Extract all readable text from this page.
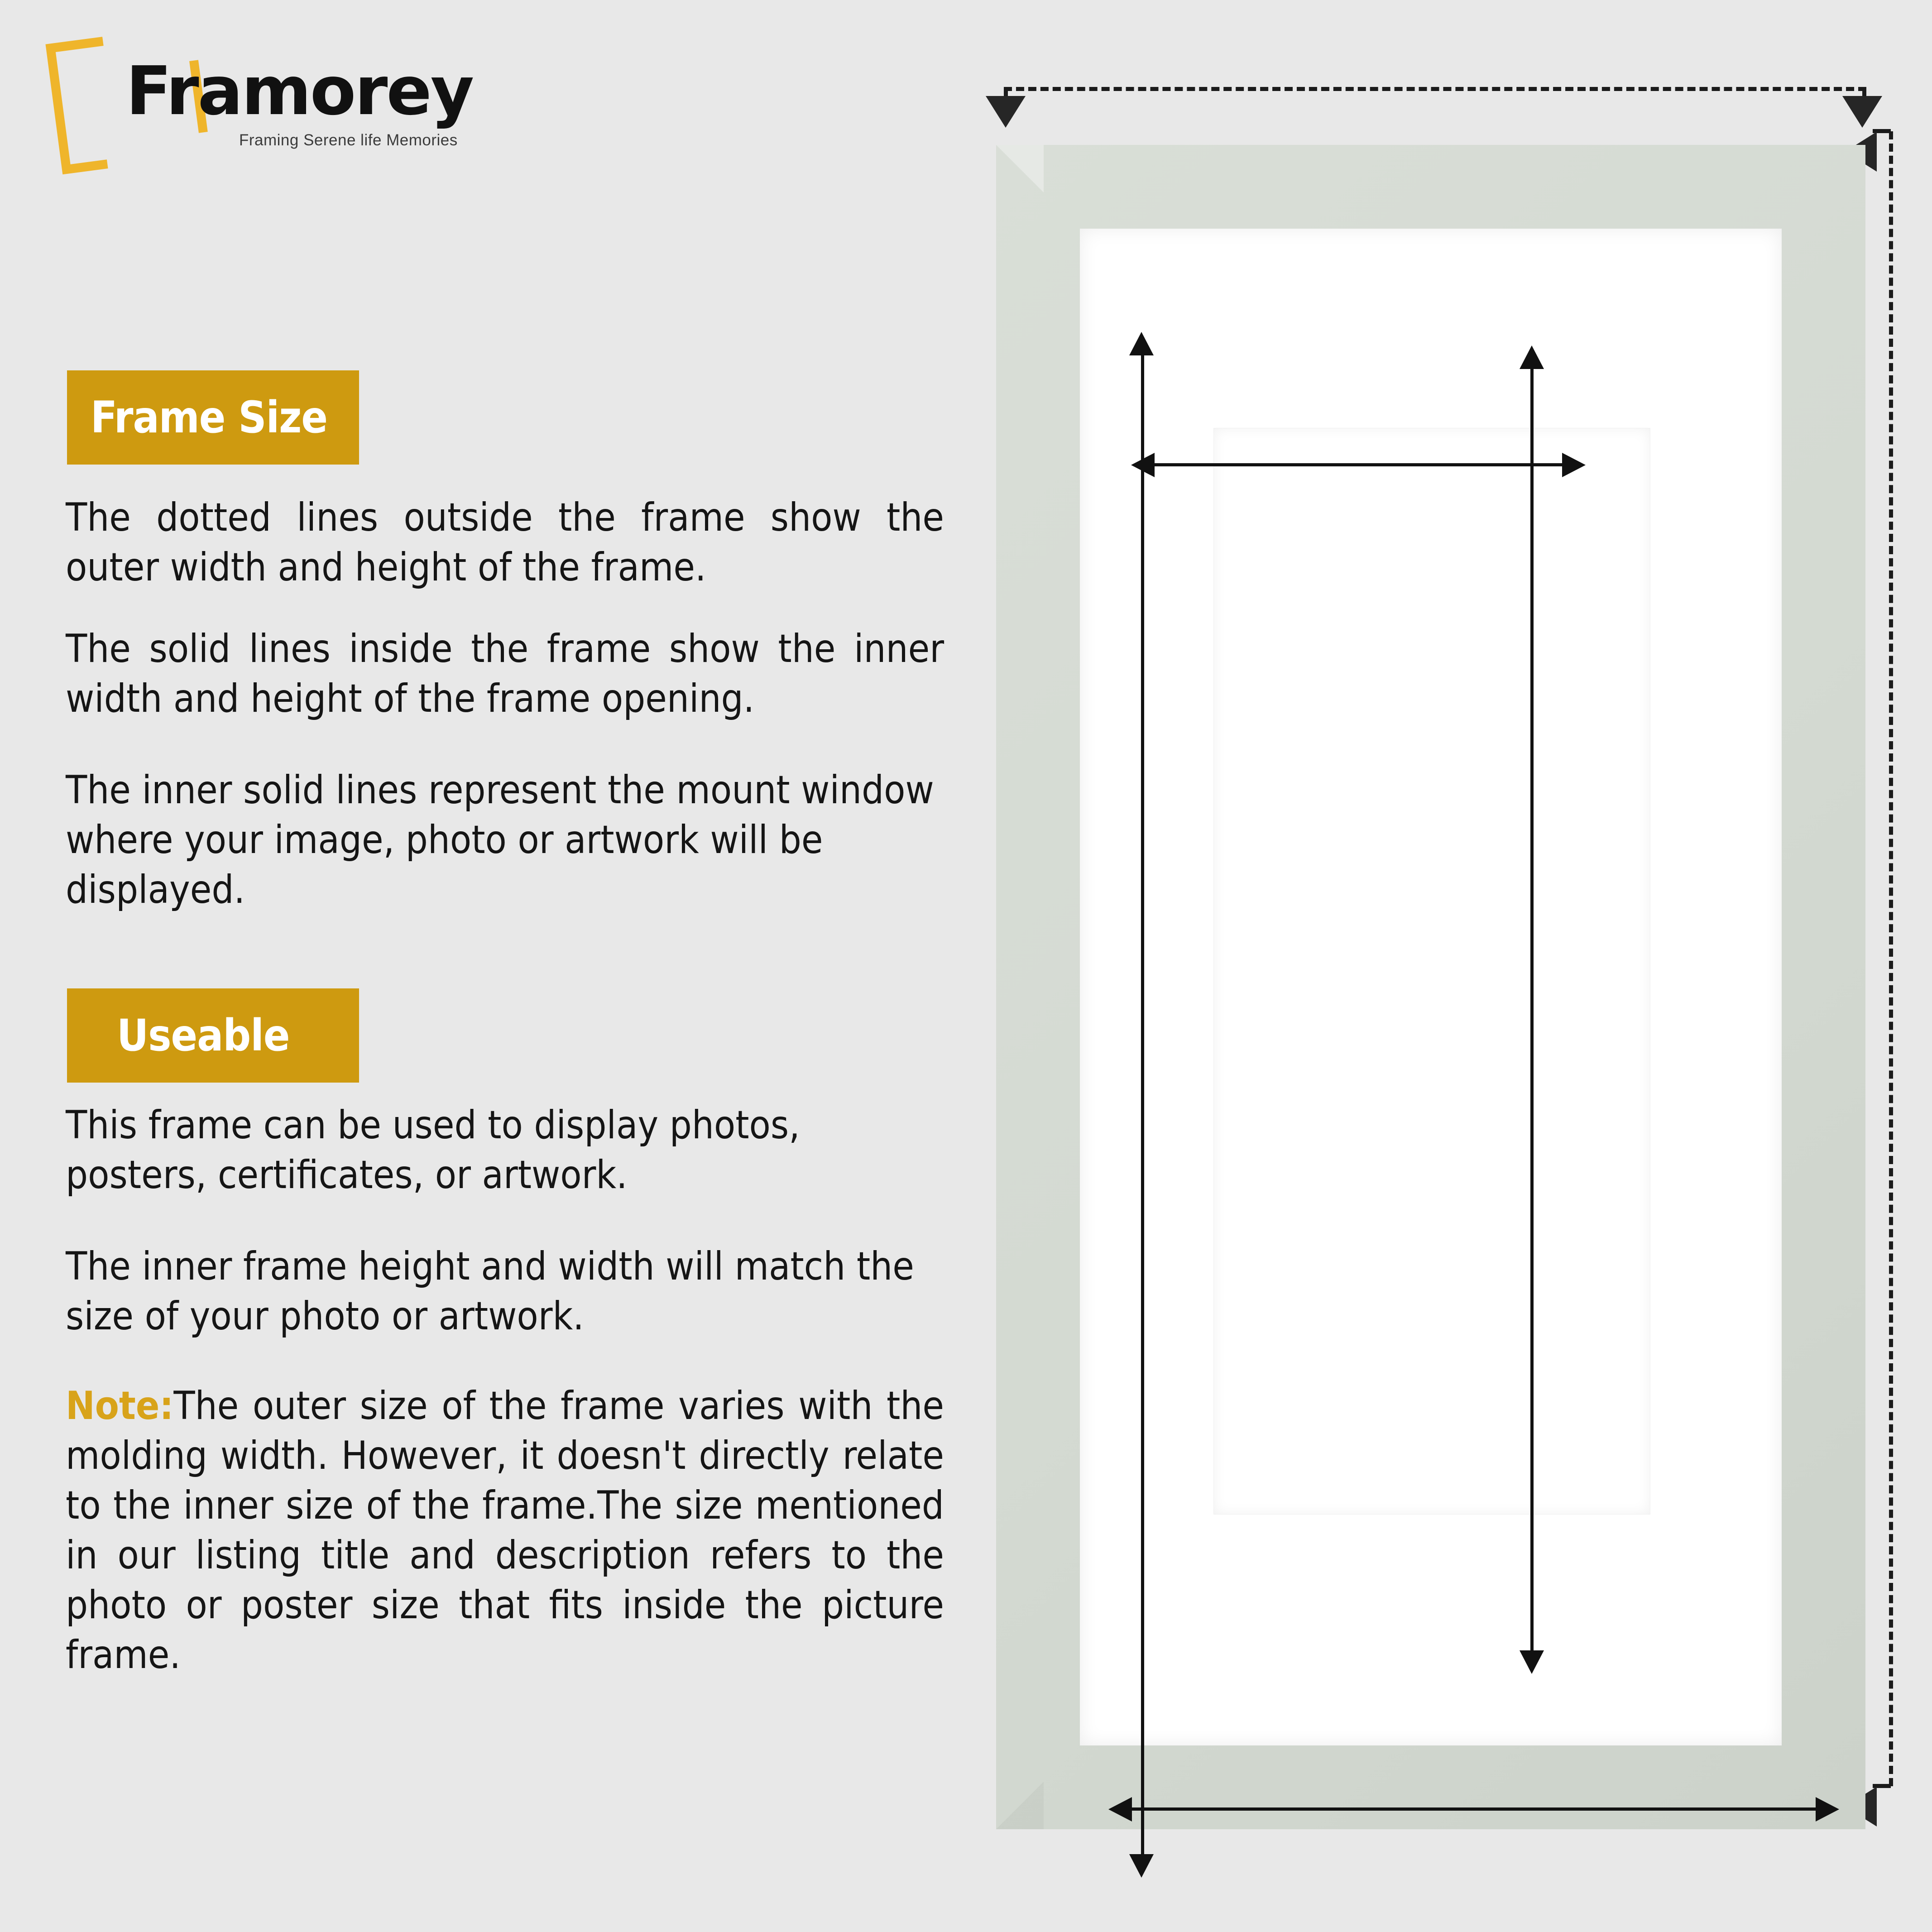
Framorey
Framing Serene life Memories
Frame Size
The dotted lines outside the frame show the outer width and height of the frame.
The solid lines inside the frame show the inner width and height of the frame opening.
The inner solid lines represent the mount window where your image, photo or artwork will be displayed.
Useable
This frame can be used to display photos, posters, certificates, or artwork.
The inner frame height and width will match the size of your photo or artwork.
Note:The outer size of the frame varies with the molding width. However, it doesn't directly relate to the inner size of the frame.The size mentioned in our listing title and description refers to the photo or poster size that fits inside the picture frame.
